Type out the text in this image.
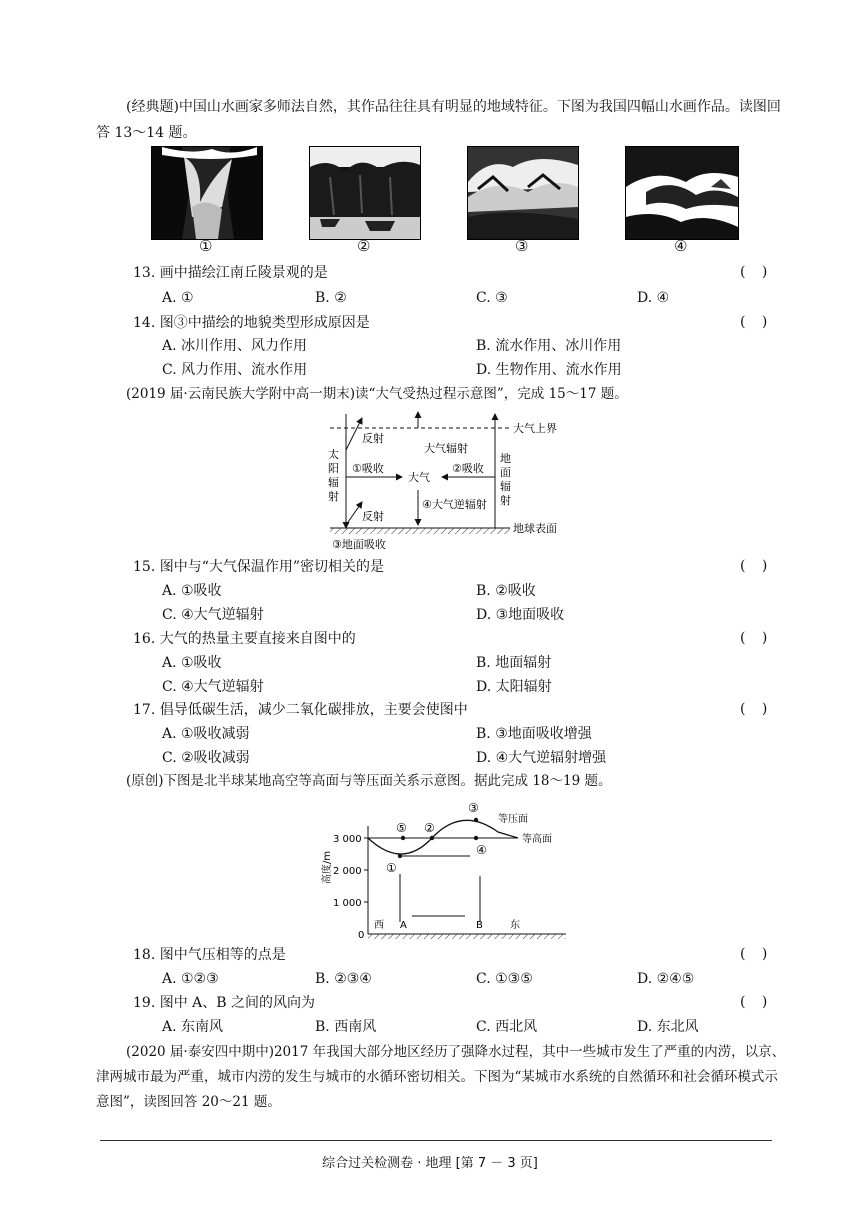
(经典题)中国山水画家多师法自然，其作品往往具有明显的地域特征。下图为我国四幅山水画作品。读图回答 13～14 题。
①	②	③	④
13. 画中描绘江南丘陵景观的是	( )
A. ①	B. ②	C. ③	D. ④
14. 图③中描绘的地貌类型形成原因是	( )
A. 冰川作用、风力作用	B. 流水作用、冰川作用
C. 风力作用、流水作用	D. 生物作用、流水作用
(2019 届·云南民族大学附中高一期末)读“大气受热过程示意图”，完成 15～17 题。
大气上界
地球表面
太
阳
辐
射
地
面
辐
射
反射
反射
大气辐射
①吸收	②吸收
大气
④大气逆辐射
③地面吸收
15. 图中与“大气保温作用”密切相关的是	( )
A. ①吸收	B. ②吸收
C. ④大气逆辐射	D. ③地面吸收
16. 大气的热量主要直接来自图中的	( )
A. ①吸收	B. 地面辐射
C. ④大气逆辐射	D. 太阳辐射
17. 倡导低碳生活，减少二氧化碳排放，主要会使图中	( )
A. ①吸收减弱	B. ③地面吸收增强
C. ②吸收减弱	D. ④大气逆辐射增强
(原创)下图是北半球某地高空等高面与等压面关系示意图。据此完成 18～19 题。
3 000
2 000
1 000
0
高度/m	①
⑤ ②
③
④
等压面
等高面
西 A	B	东
18. 图中气压相等的点是	( )
A. ①②③	B. ②③④	C. ①③⑤	D. ②④⑤
19. 图中 A、B 之间的风向为	( )
A. 东南风	B. 西南风	C. 西北风	D. 东北风
(2020 届·泰安四中期中)2017 年我国大部分地区经历了强降水过程，其中一些城市发生了严重的内涝，以京、津两城市最为严重，城市内涝的发生与城市的水循环密切相关。下图为“某城市水系统的自然循环和社会循环模式示意图”，读图回答 20～21 题。
综合过关检测卷 · 地理 [第 7 － 3 页]
